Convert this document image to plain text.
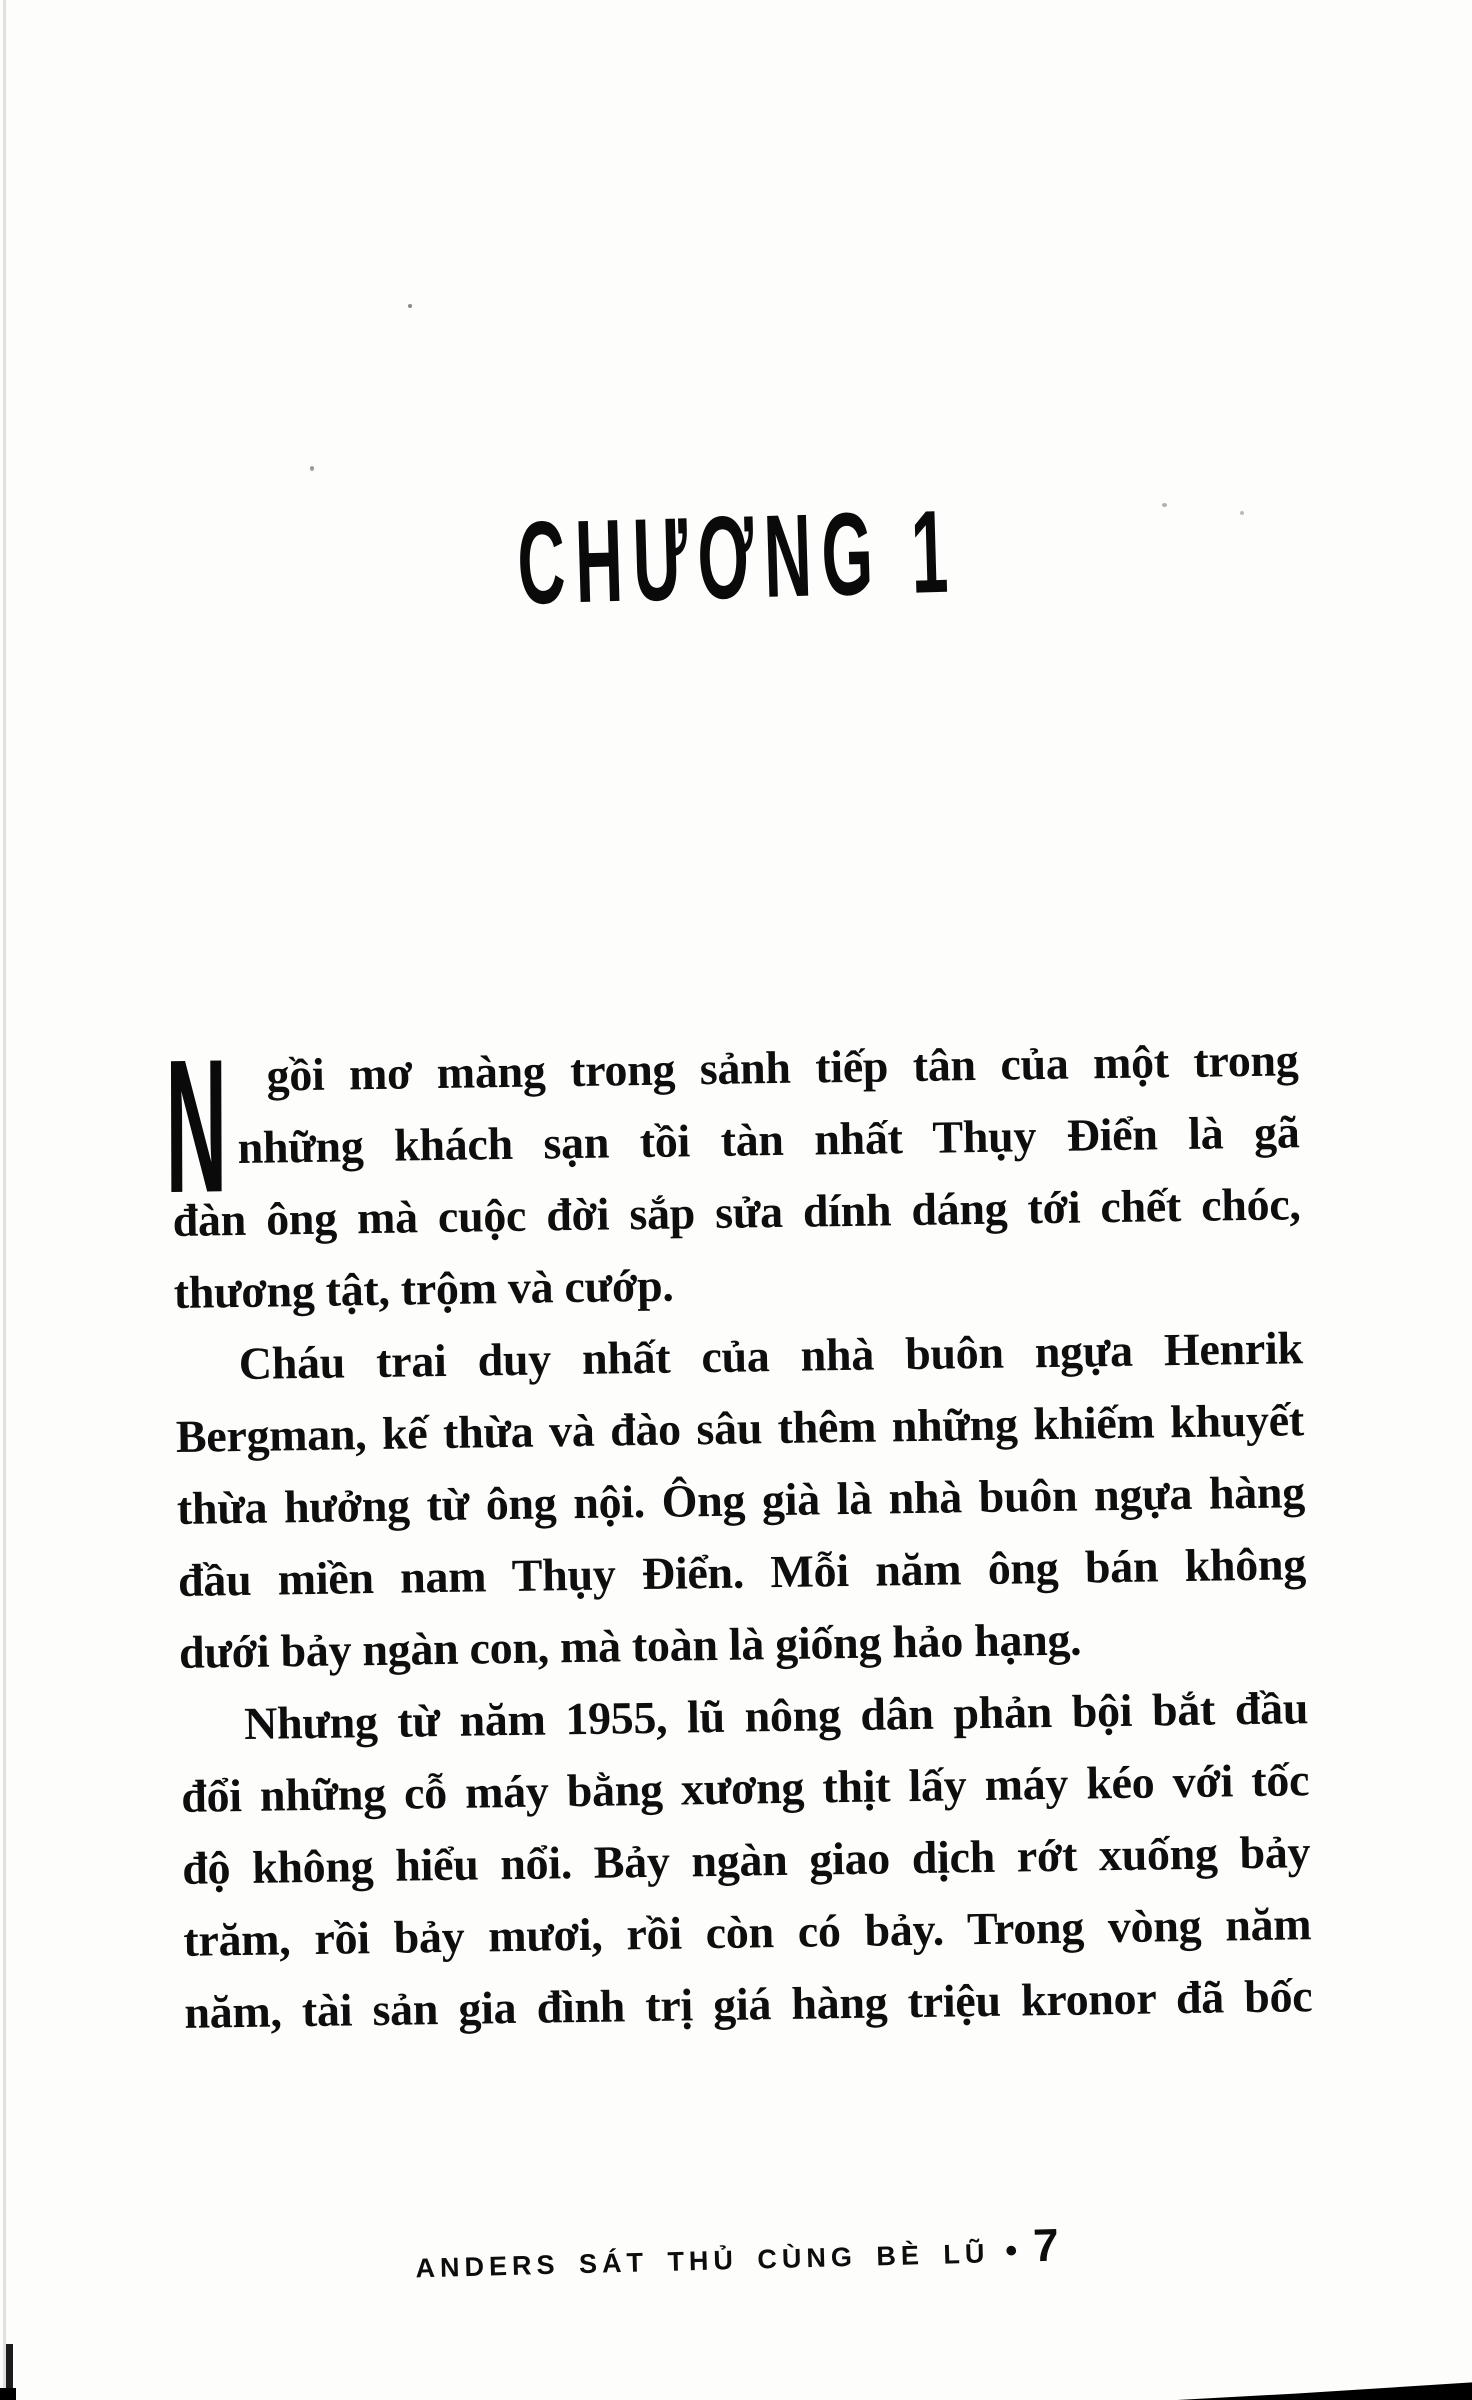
CHƯƠNG 1
N gồi mơ màng trong sảnh tiếp tân của một trong
những khách sạn tồi tàn nhất Thụy Điển là gã
đàn ông mà cuộc đời sắp sửa dính dáng tới chết chóc,
thương tật, trộm và cướp.
Cháu trai duy nhất của nhà buôn ngựa Henrik
Bergman, kế thừa và đào sâu thêm những khiếm khuyết
thừa hưởng từ ông nội. Ông già là nhà buôn ngựa hàng
đầu miền nam Thụy Điển. Mỗi năm ông bán không
dưới bảy ngàn con, mà toàn là giống hảo hạng.
Nhưng từ năm 1955, lũ nông dân phản bội bắt đầu
đổi những cỗ máy bằng xương thịt lấy máy kéo với tốc
độ không hiểu nổi. Bảy ngàn giao dịch rớt xuống bảy
trăm, rồi bảy mươi, rồi còn có bảy. Trong vòng năm
năm, tài sản gia đình trị giá hàng triệu kronor đã bốc
ANDERS SÁT THỦ CÙNG BÈ LŨ • 7
